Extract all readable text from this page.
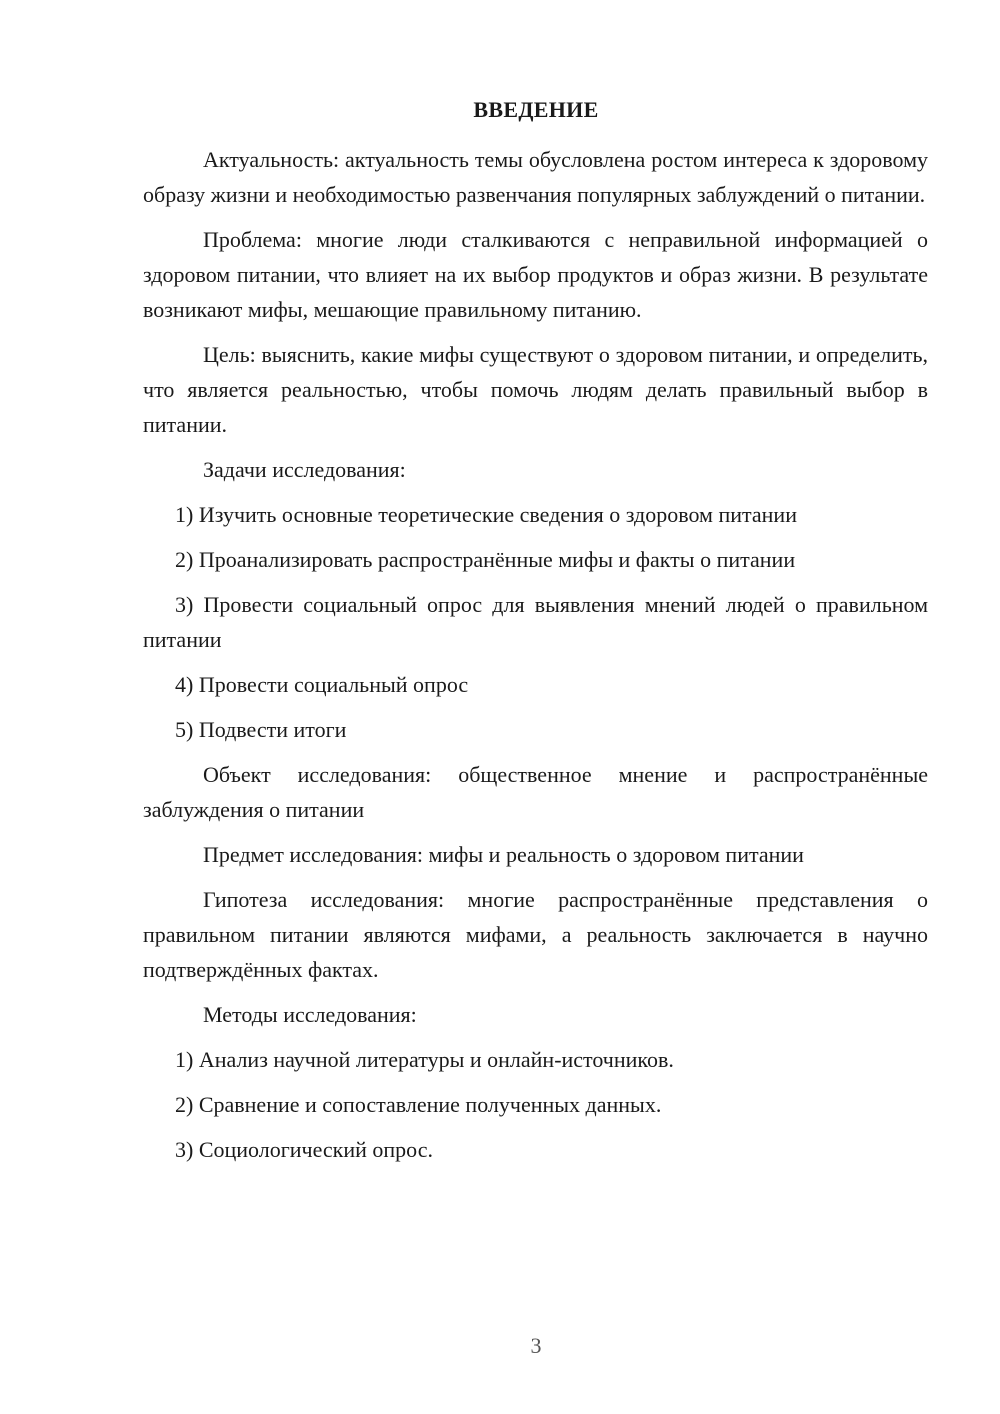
ВВЕДЕНИЕ

Актуальность: актуальность темы обусловлена ростом интереса к здоровому образу жизни и необходимостью развенчания популярных заблуждений о питании.

Проблема: многие люди сталкиваются с неправильной информацией о здоровом питании, что влияет на их выбор продуктов и образ жизни. В результате возникают мифы, мешающие правильному питанию.

Цель: выяснить, какие мифы существуют о здоровом питании, и определить, что является реальностью, чтобы помочь людям делать правильный выбор в питании.

Задачи исследования:

1) Изучить основные теоретические сведения о здоровом питании

2) Проанализировать распространённые мифы и факты о питании

3) Провести социальный опрос для выявления мнений людей о правильном питании

4) Провести социальный опрос

5) Подвести итоги

Объект исследования: общественное мнение и распространённые заблуждения о питании

Предмет исследования: мифы и реальность о здоровом питании

Гипотеза исследования: многие распространённые представления о правильном питании являются мифами, а реальность заключается в научно подтверждённых фактах.

Методы исследования:

1) Анализ научной литературы и онлайн-источников.

2) Сравнение и сопоставление полученных данных.

3) Социологический опрос.

3
